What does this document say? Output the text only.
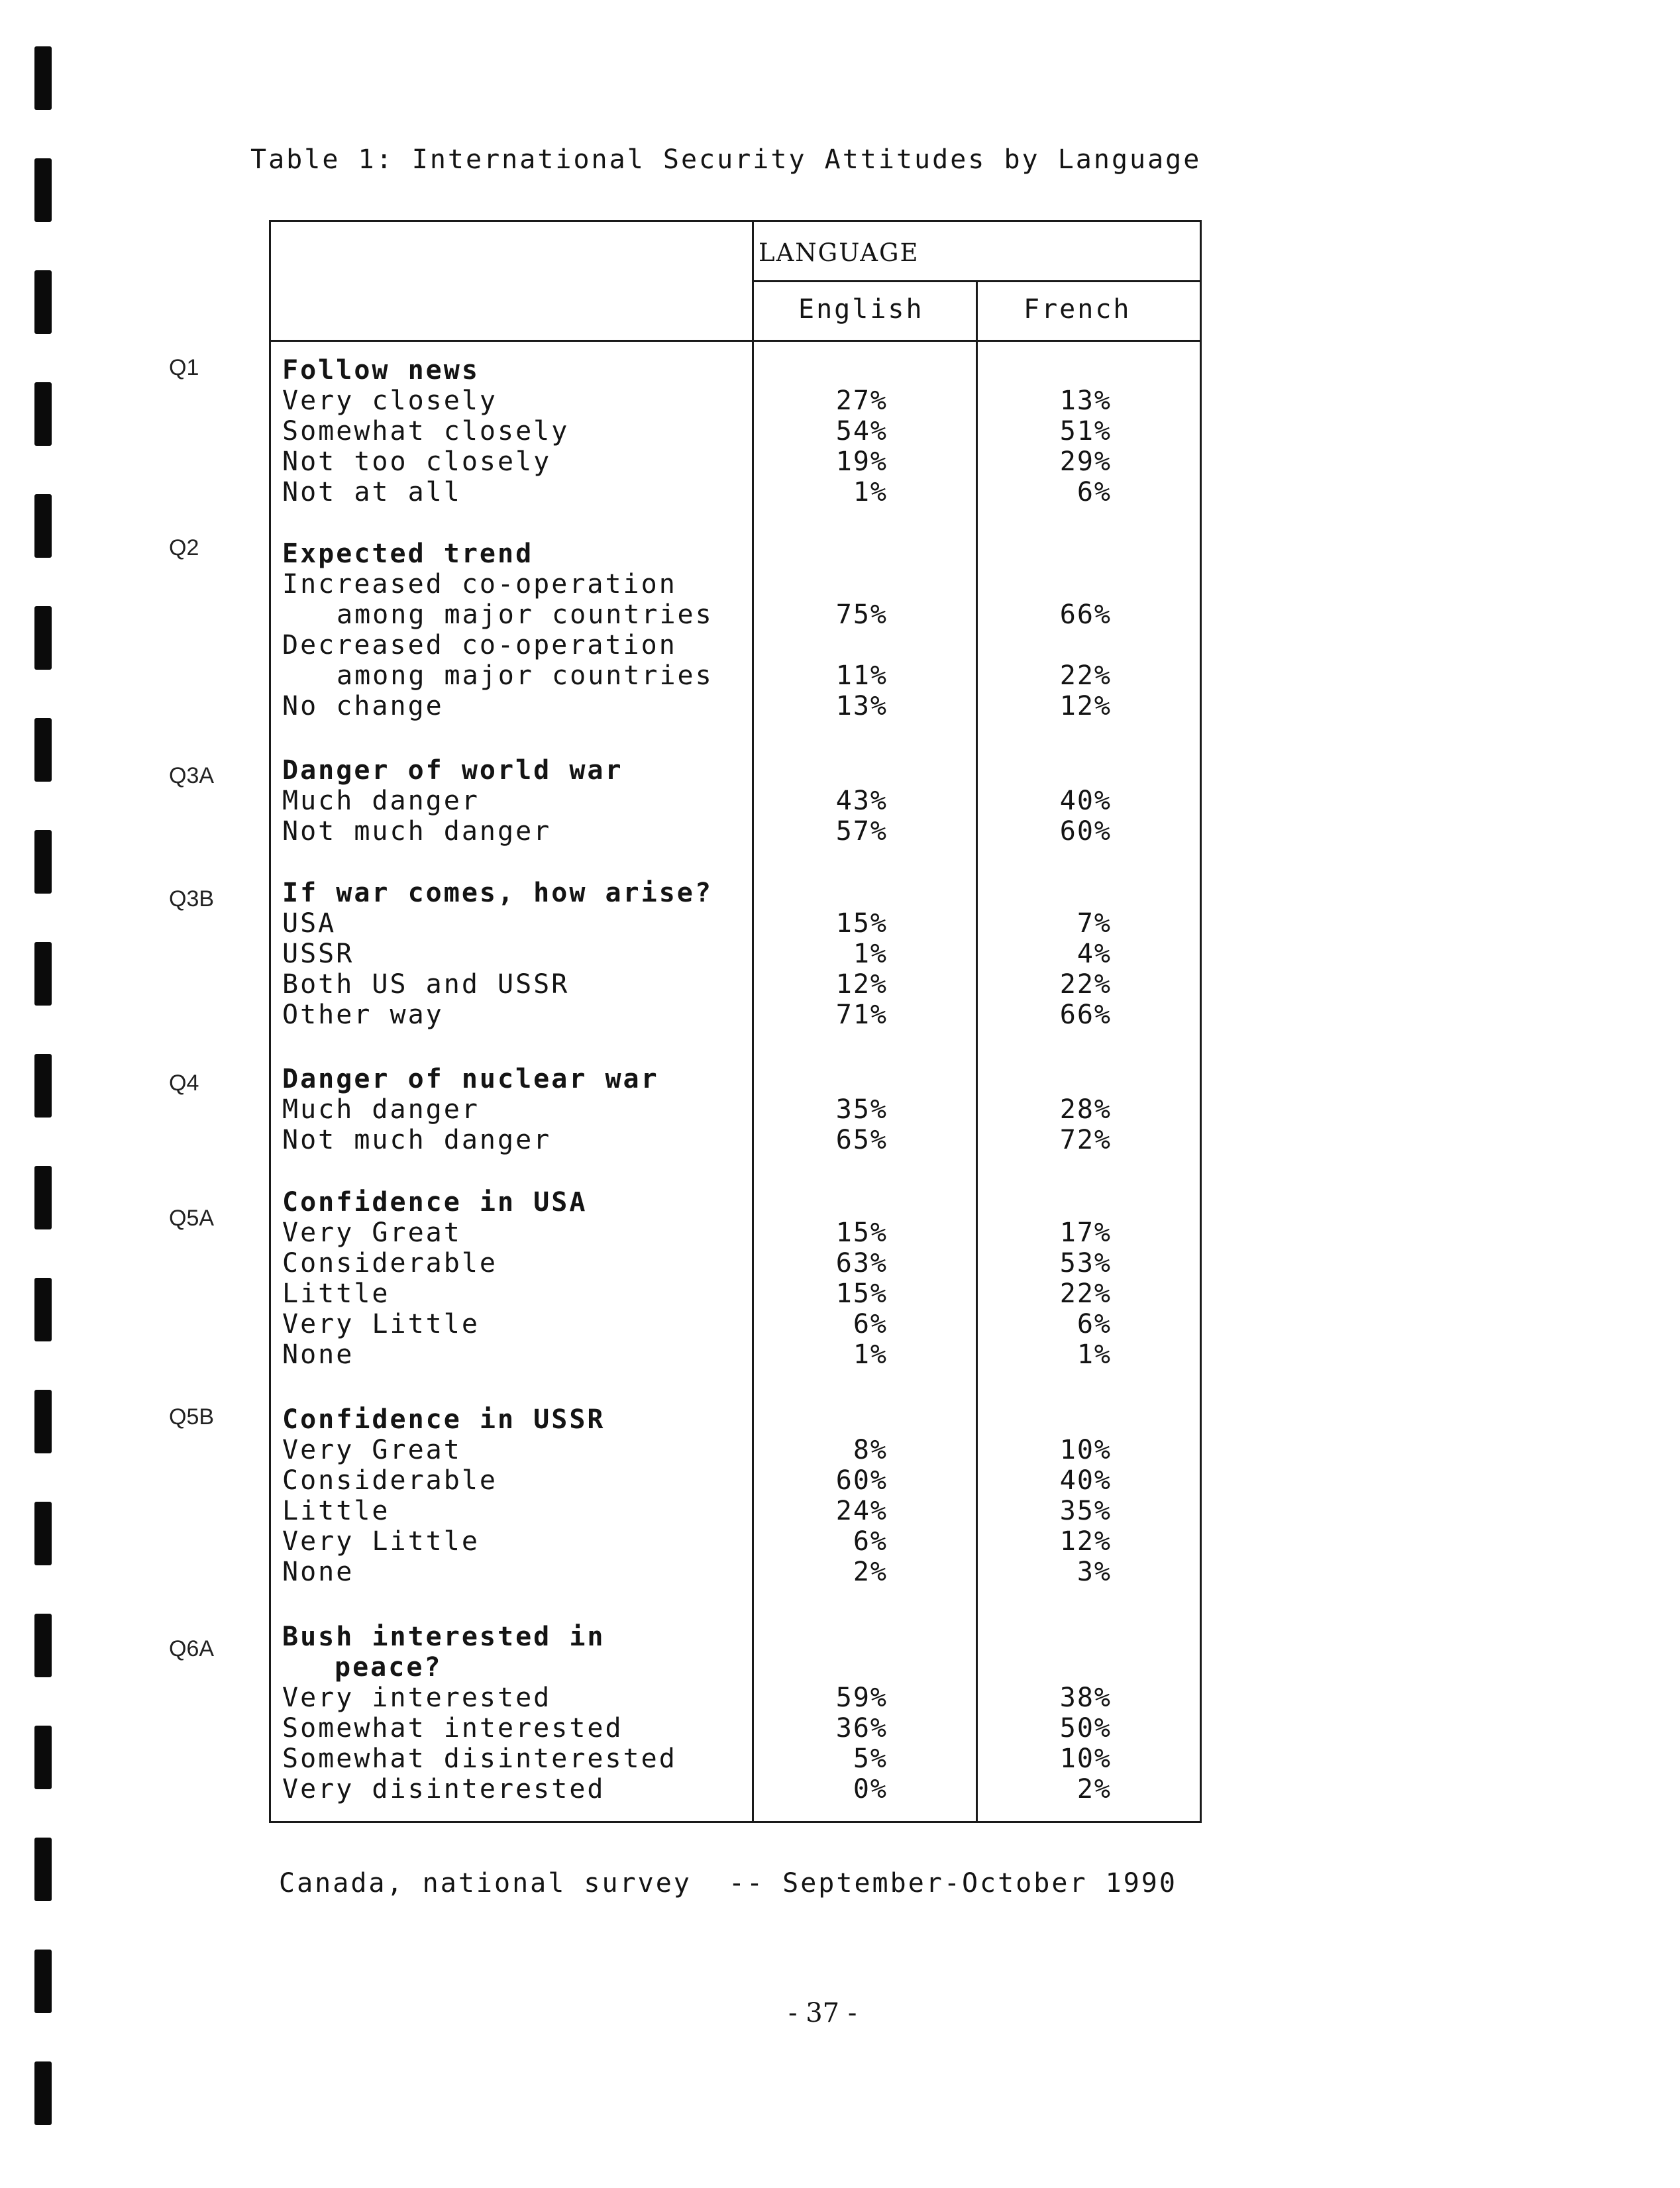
Table 1: International Security Attitudes by Language
LANGUAGE
English	French
Q1
Q2
Q3A
Q3B
Q4
Q5A
Q5B
Q6A
Follow news
Very closely	27%	13%
Somewhat closely	54%	51%
Not too closely	19%	29%
Not at all	1%	6%
Expected trend
Increased co-operation
among major countries	75%	66%
Decreased co-operation
among major countries	11%	22%
No change	13%	12%
Danger of world war
Much danger	43%	40%
Not much danger	57%	60%
If war comes, how arise?
USA	15%	7%
USSR	1%	4%
Both US and USSR	12%	22%
Other way	71%	66%
Danger of nuclear war
Much danger	35%	28%
Not much danger	65%	72%
Confidence in USA
Very Great	15%	17%
Considerable	63%	53%
Little	15%	22%
Very Little	6%	6%
None	1%	1%
Confidence in USSR
Very Great	8%	10%
Considerable	60%	40%
Little	24%	35%
Very Little	6%	12%
None	2%	3%
Bush interested in
peace?
Very interested	59%	38%
Somewhat interested	36%	50%
Somewhat disinterested	5%	10%
Very disinterested	0%	2%
Canada, national survey -- September-October 1990
- 37 -
